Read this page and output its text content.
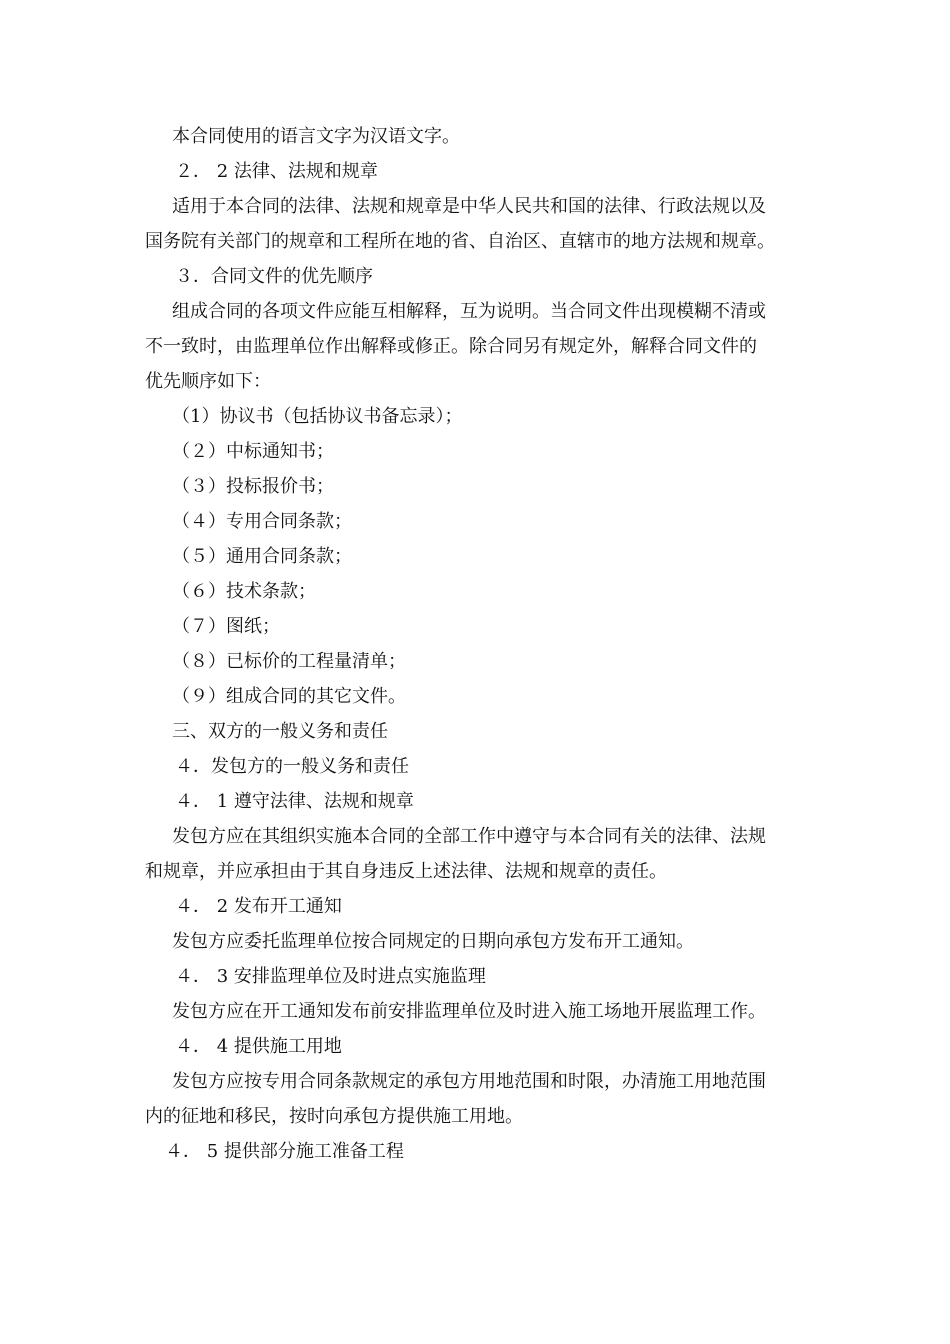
本合同使用的语言文字为汉语文字。

２． 2 法律、法规和规章

适用于本合同的法律、法规和规章是中华人民共和国的法律、行政法规以及

国务院有关部门的规章和工程所在地的省、自治区、直辖市的地方法规和规章。

３．合同文件的优先顺序

组成合同的各项文件应能互相解释，互为说明。当合同文件出现模糊不清或

不一致时，由监理单位作出解释或修正。除合同另有规定外，解释合同文件的

优先顺序如下：

（1）协议书（包括协议书备忘录）；

（２）中标通知书；

（３）投标报价书；

（４）专用合同条款；

（５）通用合同条款；

（６）技术条款；

（７）图纸；

（８）已标价的工程量清单；

（９）组成合同的其它文件。

三、双方的一般义务和责任

４．发包方的一般义务和责任

４． 1 遵守法律、法规和规章

发包方应在其组织实施本合同的全部工作中遵守与本合同有关的法律、法规

和规章，并应承担由于其自身违反上述法律、法规和规章的责任。

４． 2 发布开工通知

发包方应委托监理单位按合同规定的日期向承包方发布开工通知。

４． 3 安排监理单位及时进点实施监理

发包方应在开工通知发布前安排监理单位及时进入施工场地开展监理工作。

４． 4 提供施工用地

发包方应按专用合同条款规定的承包方用地范围和时限，办清施工用地范围

内的征地和移民，按时向承包方提供施工用地。

４． 5 提供部分施工准备工程
